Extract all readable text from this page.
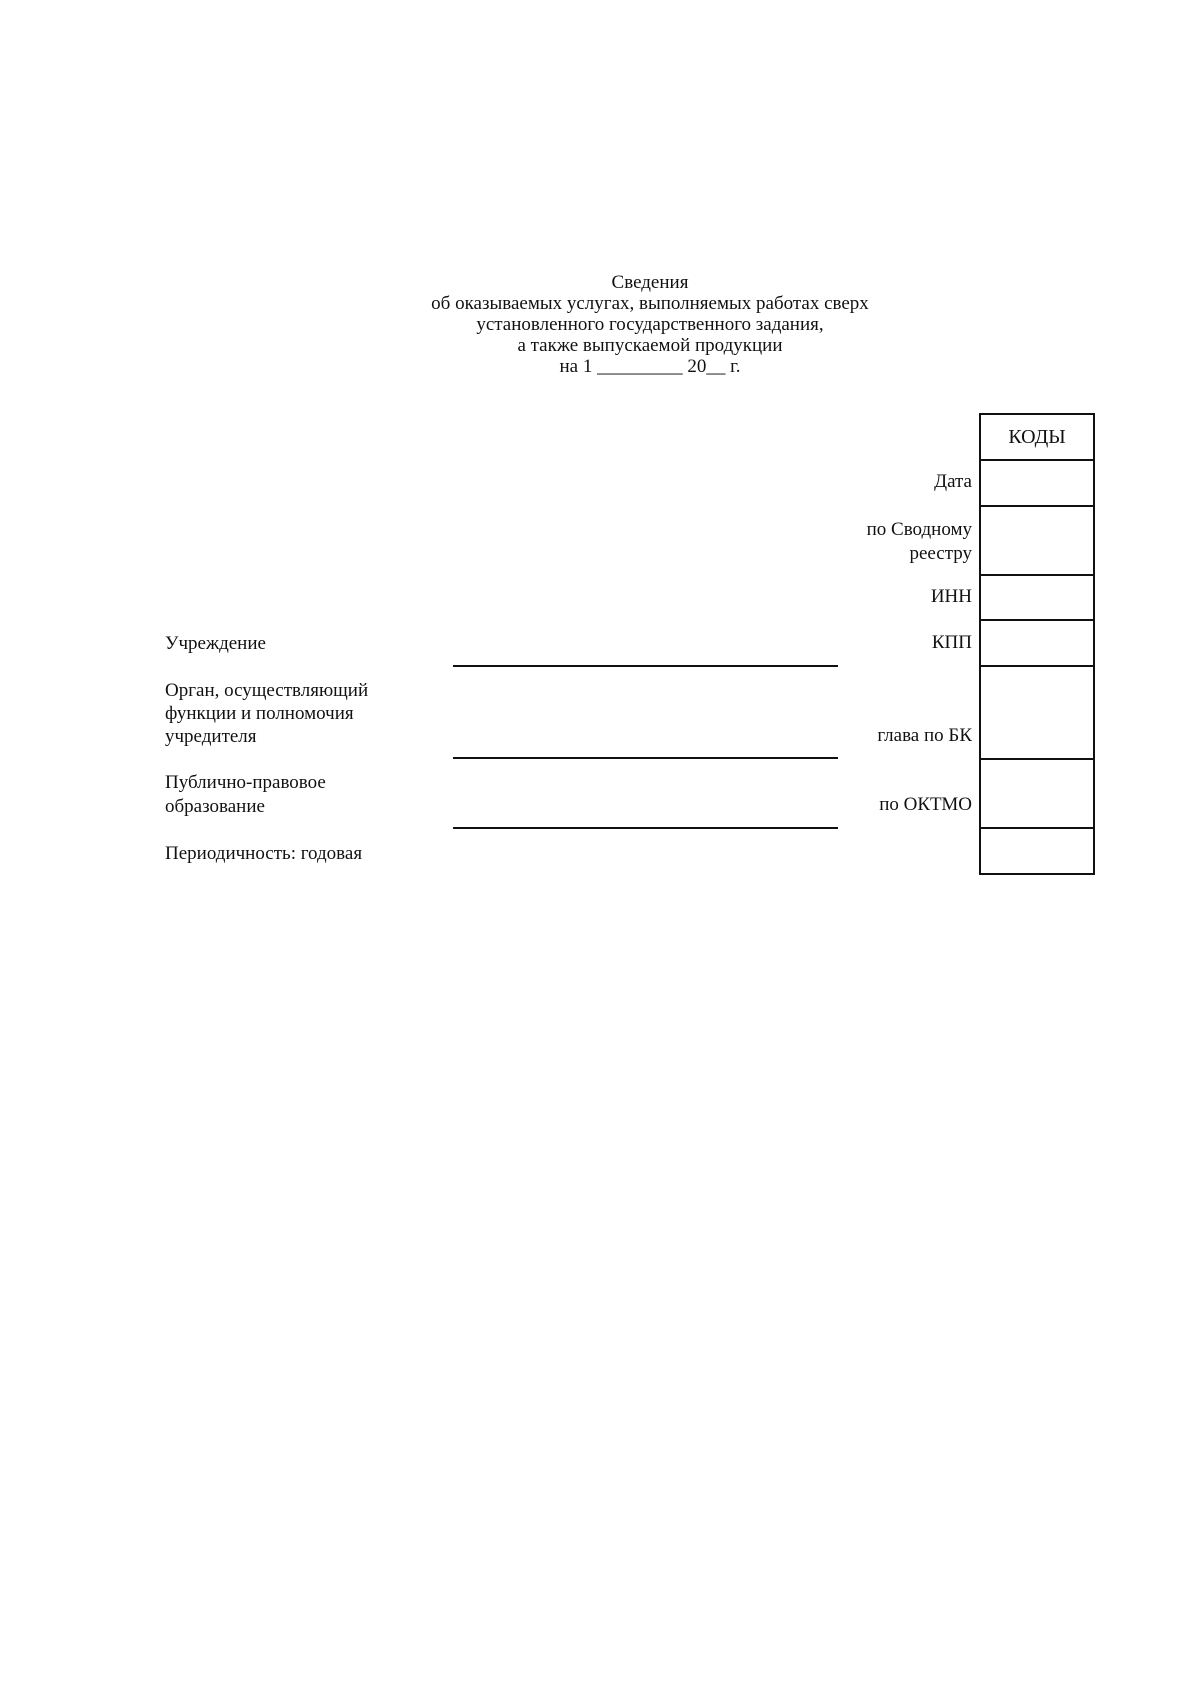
Сведения
об оказываемых услугах, выполняемых работах сверх
установленного государственного задания,
а также выпускаемой продукции
на 1 _________ 20__ г.
КОДЫ
Дата
по Сводному
реестру
ИНН
КПП
глава по БК
по ОКТМО
Учреждение
Орган, осуществляющий
функции и полномочия
учредителя
Публично-правовое
образование
Периодичность: годовая
